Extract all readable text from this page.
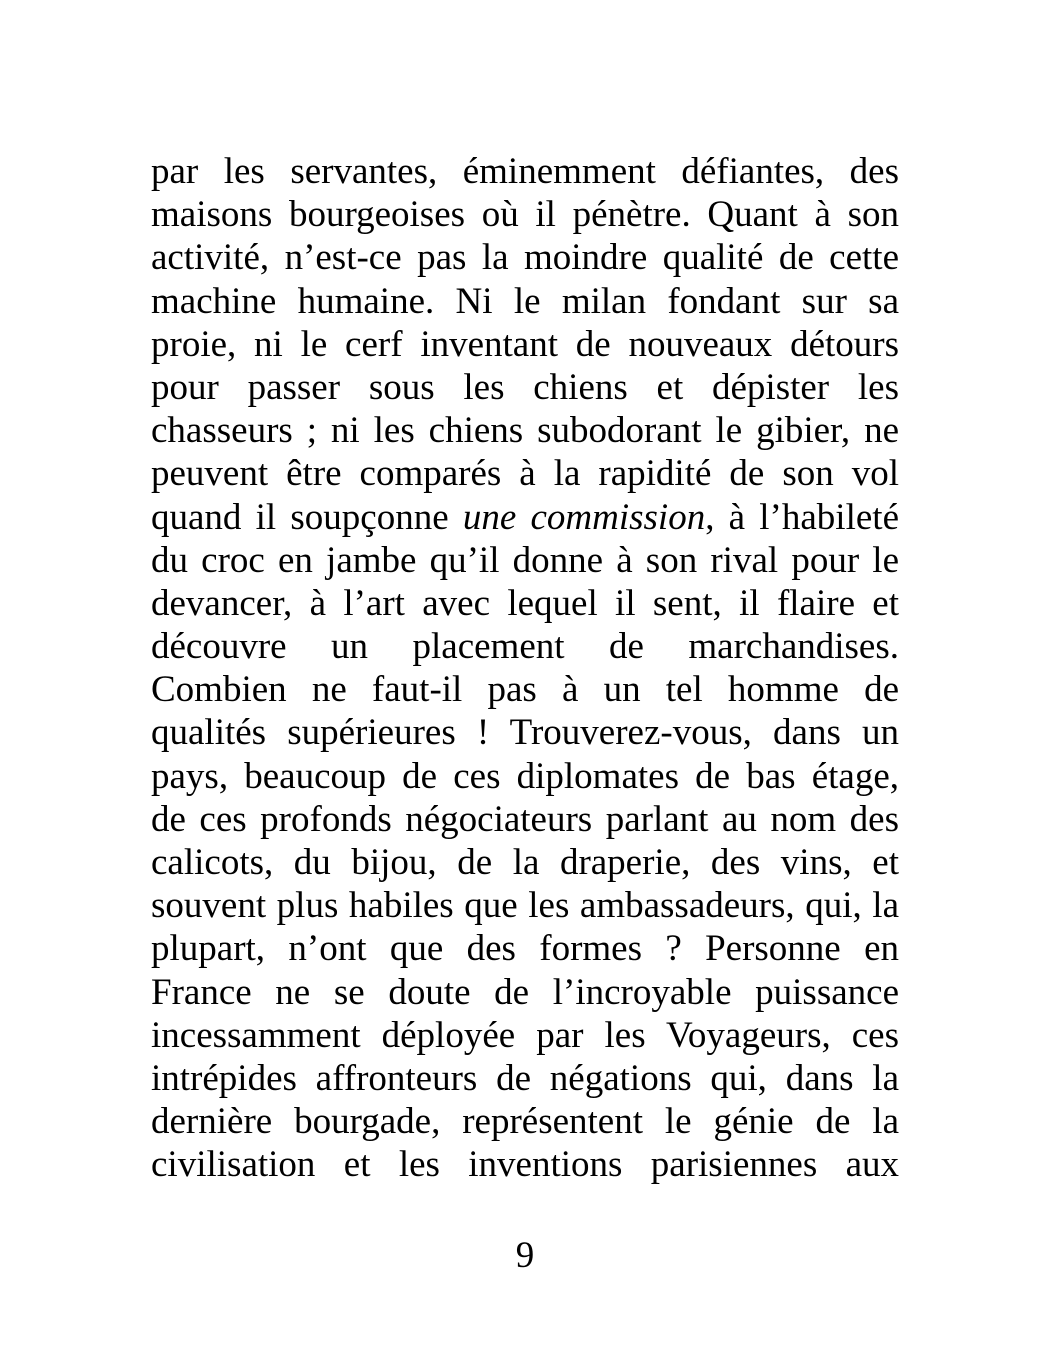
par les servantes, éminemment défiantes, des
maisons bourgeoises où il pénètre. Quant à son
activité, n’est-ce pas la moindre qualité de cette
machine humaine. Ni le milan fondant sur sa
proie, ni le cerf inventant de nouveaux détours
pour passer sous les chiens et dépister les
chasseurs ; ni les chiens subodorant le gibier, ne
peuvent être comparés à la rapidité de son vol
quand il soupçonne une commission, à l’habileté
du croc en jambe qu’il donne à son rival pour le
devancer, à l’art avec lequel il sent, il flaire et
découvre un placement de marchandises.
Combien ne faut-il pas à un tel homme de
qualités supérieures ! Trouverez-vous, dans un
pays, beaucoup de ces diplomates de bas étage,
de ces profonds négociateurs parlant au nom des
calicots, du bijou, de la draperie, des vins, et
souvent plus habiles que les ambassadeurs, qui, la
plupart, n’ont que des formes ? Personne en
France ne se doute de l’incroyable puissance
incessamment déployée par les Voyageurs, ces
intrépides affronteurs de négations qui, dans la
dernière bourgade, représentent le génie de la
civilisation et les inventions parisiennes aux
9
